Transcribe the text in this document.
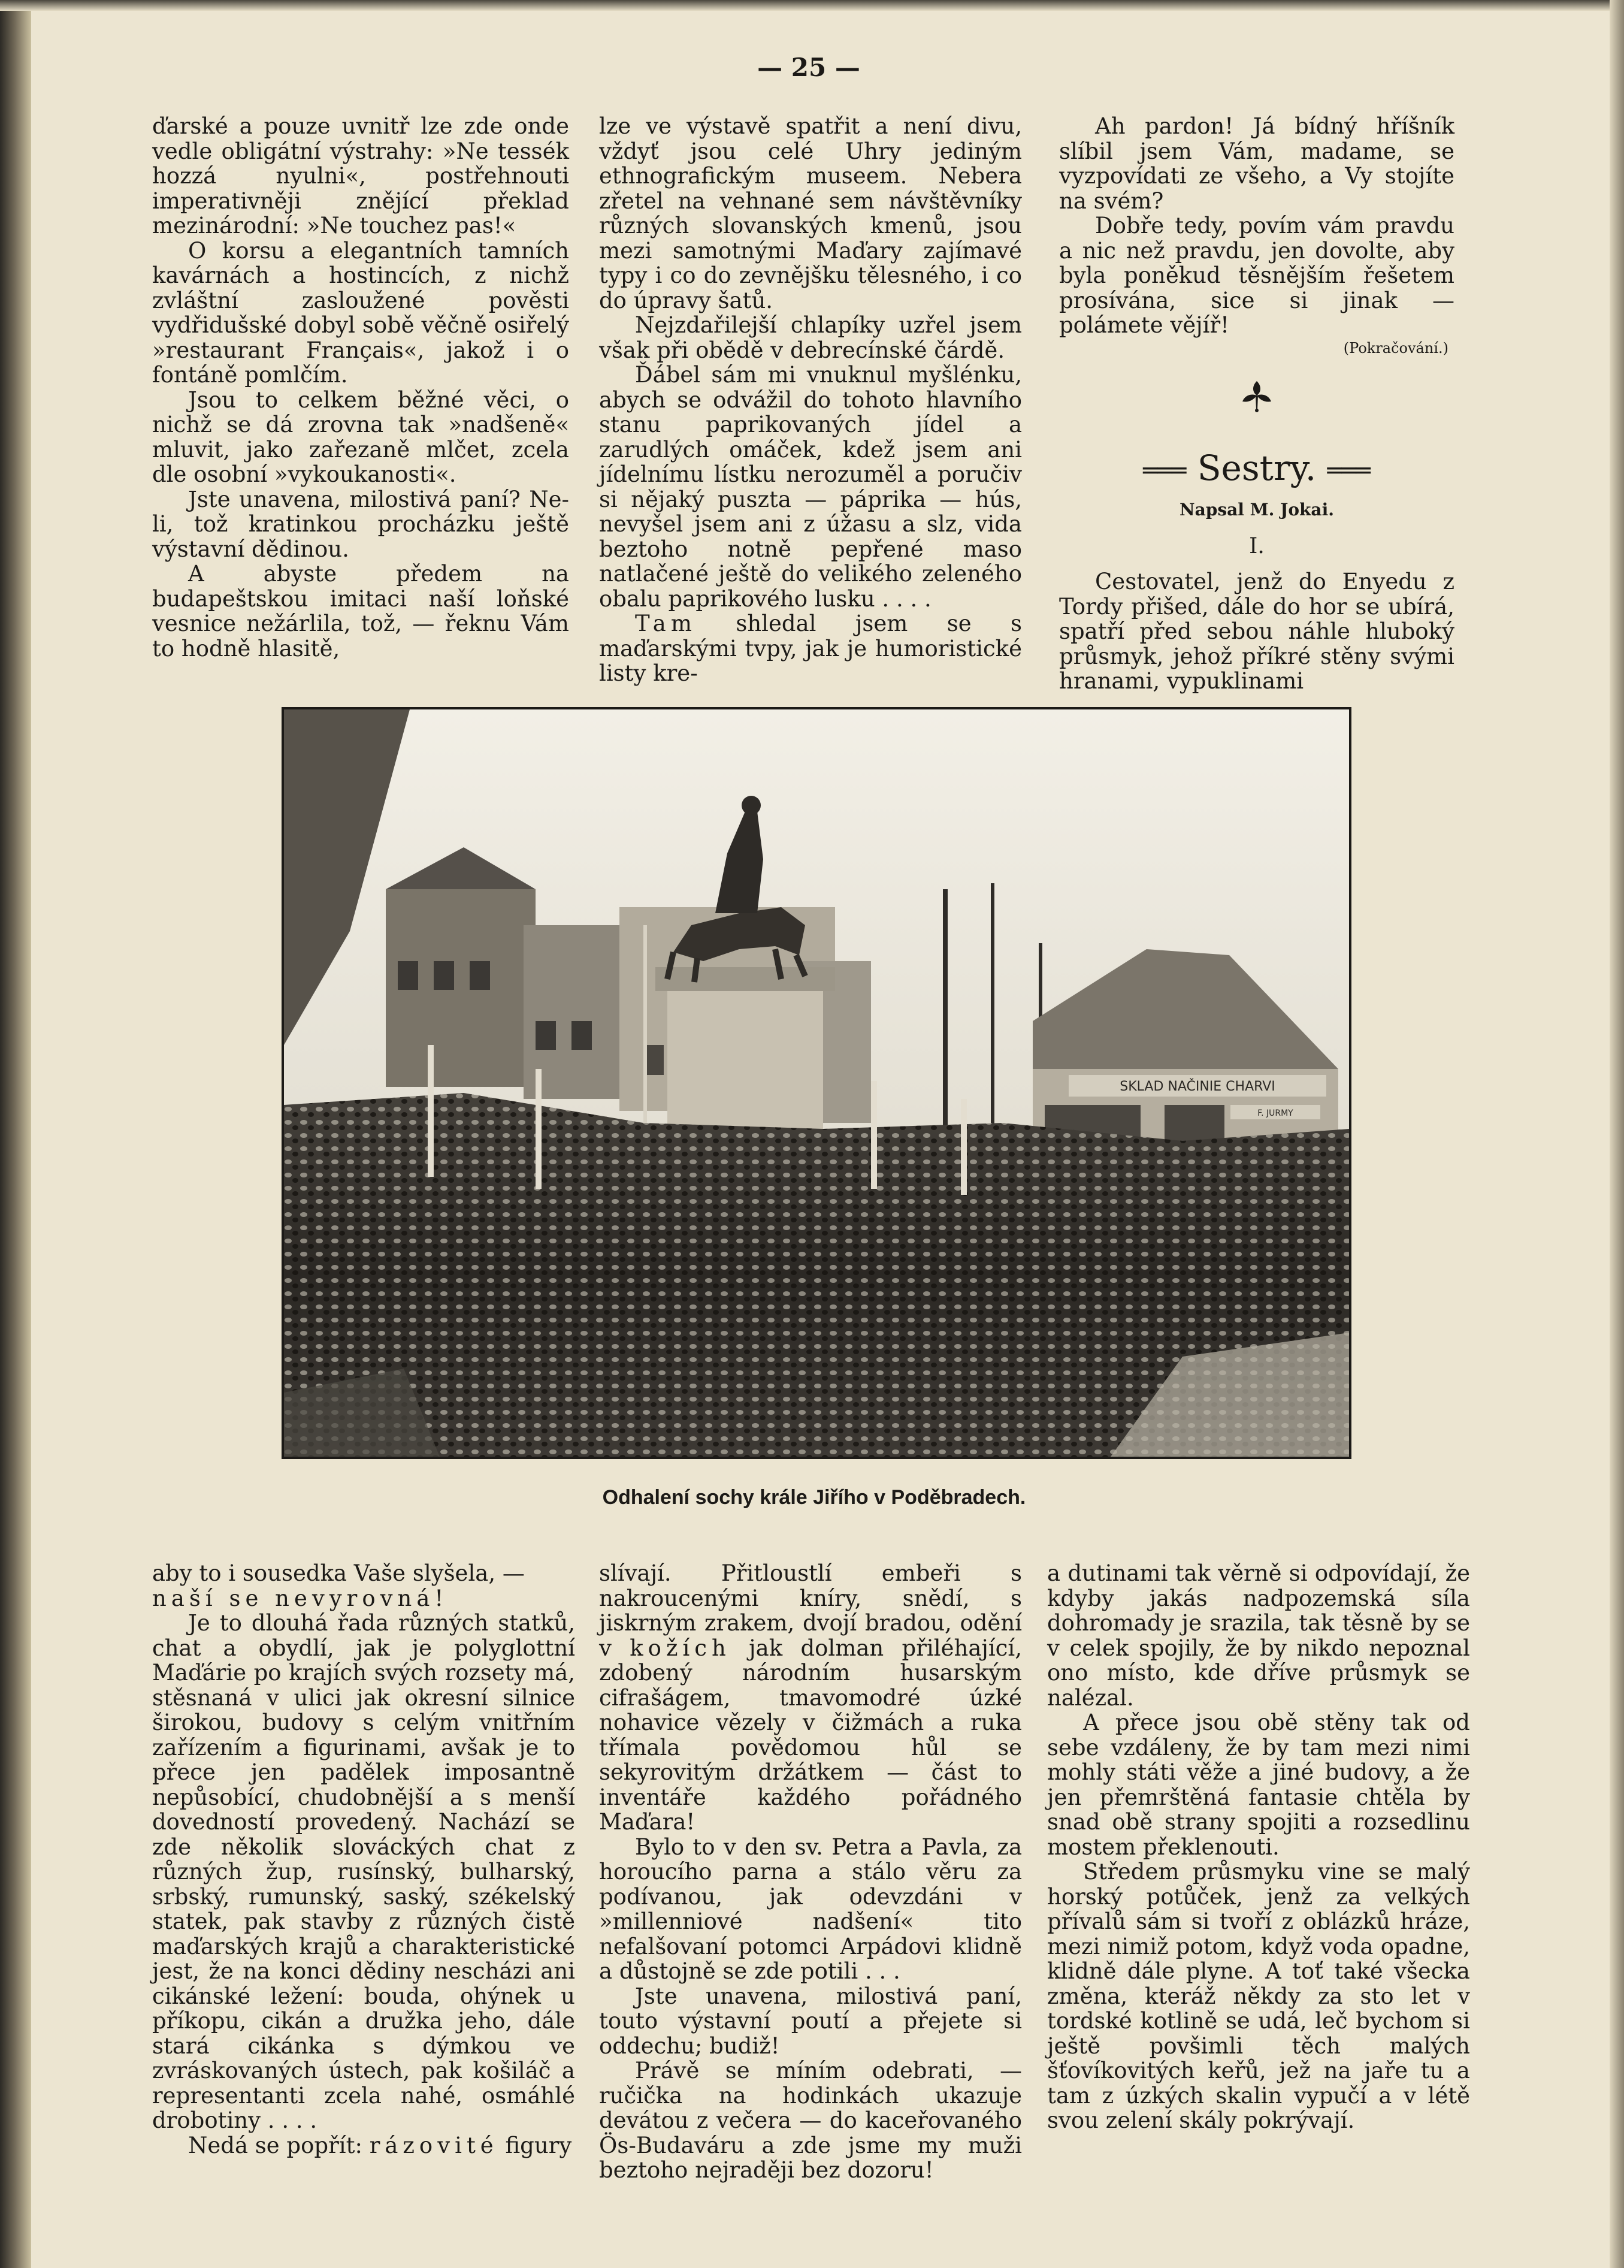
— 25 —

ďarské a pouze uvnitř lze zde onde vedle obligátní výstrahy: »Ne tessék hozzá nyulni«, postřehnouti imperativněji znějící překlad mezinárodní: »Ne touchez pas!«

O korsu a elegantních tamních kavárnách a hostincích, z nichž zvláštní zasloužené pověsti vydřidušské dobyl sobě věčně osiřelý »restaurant Français«, jakož i o fontáně pomlčím.

Jsou to celkem běžné věci, o nichž se dá zrovna tak »nadšeně« mluvit, jako zařezaně mlčet, zcela dle osobní »vykoukanosti«.

Jste unavena, milostivá paní? Ne-li, tož kratinkou procházku ještě výstavní dědinou.

A abyste předem na budapeštskou imitaci naší loňské vesnice nežárlila, tož, — řeknu Vám to hodně hlasitě,

lze ve výstavě spatřit a není divu, vždyť jsou celé Uhry jediným ethnografickým museem. Nebera zřetel na vehnané sem návštěvníky různých slovanských kmenů, jsou mezi samotnými Maďary zajímavé typy i co do zevnějšku tělesného, i co do úpravy šatů.

Nejzdařilejší chlapíky uzřel jsem však při obědě v debrecínské čárdě.

Ďábel sám mi vnuknul myšlénku, abych se odvážil do tohoto hlavního stanu paprikovaných jídel a zarudlých omáček, kdež jsem ani jídelnímu lístku nerozuměl a poručiv si nějaký puszta — páprika — hús, nevyšel jsem ani z úžasu a slz, vida beztoho notně pepřené maso natlačené ještě do velikého zeleného obalu paprikového lusku . . . .

Tam shledal jsem se s maďarskými tvpy, jak je humoristické listy kre-

Ah pardon! Já bídný hříšník slíbil jsem Vám, madame, se vyzpovídati ze všeho, a Vy stojíte na svém?

Dobře tedy, povím vám pravdu a nic než pravdu, jen dovolte, aby byla poněkud těsnějším řešetem prosívána, sice si jinak — polámete vějíř!

(Pokračování.)
═══ Sestry. ═══
Napsal M. Jokai.
I.

Cestovatel, jenž do Enyedu z Tordy přišed, dále do hor se ubírá, spatří před sebou náhle hluboký průsmyk, jehož příkré stěny svými hranami, vypuklinami

SKLAD NAČINIE CHARVI
F. JURMY
Odhalení sochy krále Jiřího v Poděbradech.

aby to i sousedka Vaše slyšela, —

naší se nevyrovná!

Je to dlouhá řada různých statků, chat a obydlí, jak je polyglottní Maďárie po krajích svých rozsety má, stěsnaná v ulici jak okresní silnice širokou, budovy s celým vnitřním zařízením a figurinami, avšak je to přece jen padělek imposantně nepůsobící, chudobnější a s menší dovedností provedený. Nachází se zde několik slováckých chat z různých žup, rusínský, bulharský, srbský, rumunský, saský, székelský statek, pak stavby z různých čistě maďarských krajů a charakteristické jest, že na konci dědiny nescházi ani cikánské ležení: bouda, ohýnek u příkopu, cikán a družka jeho, dále stará cikánka s dýmkou ve zvráskovaných ústech, pak košiláč a representanti zcela nahé, osmáhlé drobotiny . . . .

Nedá se popřít: rázovité figury

slívají. Přitloustlí embeři s nakroucenými kníry, snědí, s jiskrným zrakem, dvojí bradou, odění v kožích jak dolman přiléhající, zdobený národním husarským cifrašágem, tmavomodré úzké nohavice vězely v čižmách a ruka třímala povědomou hůl se sekyrovitým držátkem — část to inventáře každého pořádného Maďara!

Bylo to v den sv. Petra a Pavla, za horoucího parna a stálo věru za podívanou, jak odevzdáni v »millenniové nadšení« tito nefalšovaní potomci Arpádovi klidně a důstojně se zde potili . . .

Jste unavena, milostivá paní, touto výstavní poutí a přejete si oddechu; budiž!

Právě se míním odebrati, — ručička na hodinkách ukazuje devátou z večera — do kaceřovaného Ös-Budaváru a zde jsme my muži beztoho nejraději bez dozoru!

a dutinami tak věrně si odpovídají, že kdyby jakás nadpozemská síla dohromady je srazila, tak těsně by se v celek spojily, že by nikdo nepoznal ono místo, kde dříve průsmyk se nalézal.

A přece jsou obě stěny tak od sebe vzdáleny, že by tam mezi nimi mohly státi věže a jiné budovy, a že jen přemrštěná fantasie chtěla by snad obě strany spojiti a rozsedlinu mostem překlenouti.

Středem průsmyku vine se malý horský potůček, jenž za velkých přívalů sám si tvoří z oblázků hráze, mezi nimiž potom, když voda opadne, klidně dále plyne. A toť také všecka změna, kteráž někdy za sto let v tordské kotlině se udá, leč bychom si ještě povšimli těch malých šťovíkovitých keřů, jež na jaře tu a tam z úzkých skalin vypučí a v létě svou zelení skály pokrývají.
